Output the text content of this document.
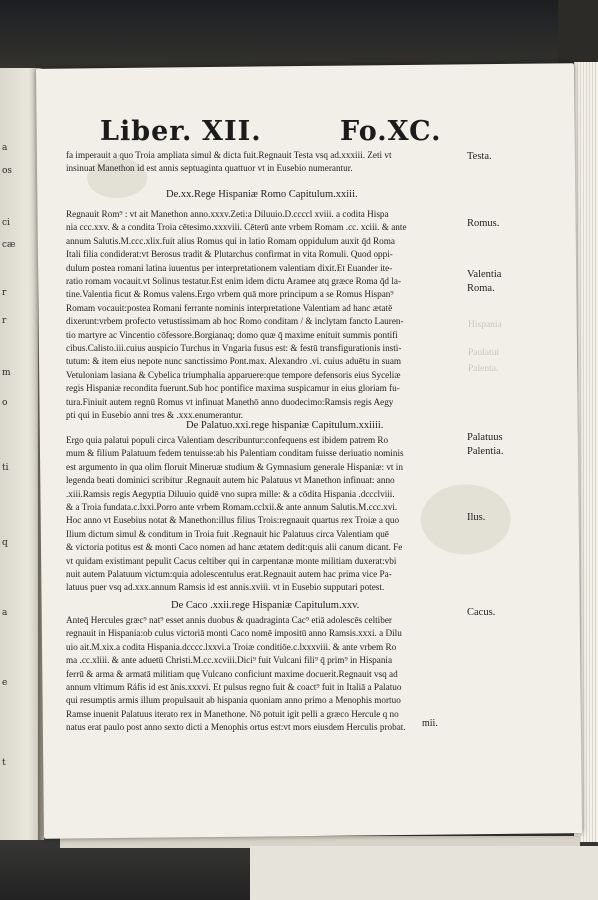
a
os
ci
cæ
r
r
m
o
ti
q
a
e
t
Liber. XII.	Fo.XC.
fa imperauit a quo Troia ampliata simul & dicta fuit.Regnauit Testa vsq ad.xxxiii. Zeti vt
insinuat Manethon id est annis septuaginta quattuor vt in Eusebio numerantur.
De.xx.Rege Hispaniæ Romo Capitulum.xxiii.
Regnauit Rom⁹ : vt ait Manethon anno.xxxv.Zeti:a Diluuio.D.ccccl xviii. a codita Hispa
nia ccc.xxv. & a condita Troia cētesimo.xxxviii. Cēterū ante vrbem Romam .cc. xciii. & ante
annum Salutis.M.ccc.xlix.fuit alius Romus qui in latio Romam oppidulum auxit q̄d Roma
Itali filia condiderat:vt Berosus tradit & Plutarchus confirmat in vita Romuli. Quod oppi-
dulum postea romani latina iuuentus per interpretationem valentiam dixit.Et Euander ite-
ratio romam vocauit.vt Solinus testatur.Est enim idem dictu Aramee atq græce Roma q̄d la-
tine.Valentia ficut & Romus valens.Ergo vrbem quā more principum a se Romus Hispan⁹
Romam vocauit:postea Romani ferrante nominis interpretatione Valentiam ad hanc ætatē
dixerunt:vrbem profecto vetustissimam ab hoc Romo conditam / & inclytam fancto Lauren-
tio martyre ac Vincentio cōfessore.Borgianaq; domo quæ q̄ maxime enituit summis pontifi
cibus.Calisto.iii.cuius auspicio Turchus in Vngaria fusus est: & festū transfigurationis insti-
tutum: & item eius nepote nunc sanctissimo Pont.max. Alexandro .vi. cuius aduētu in suam
Vetuloniam lasiana & Cybelica triumphalia apparuere:que tempore defensoris eius Syceliæ
regis Hispaniæ recondita fuerunt.Sub hoc pontifice maxima suspicamur in eius gloriam fu-
tura.Finiuit autem regnū Romus vt infinuat Manethō anno duodecimo:Ramsis regis Aegy
pti qui in Eusebio anni tres & .xxx.enumerantur.
De Palatuo.xxi.rege hispaniæ Capitulum.xxiiii.
Ergo quia palatui populi circa Valentiam describuntur:confequens est ibidem patrem Ro
mum & filium Palatuum fedem tenuisse:ab his Palentiam conditam fuisse deriuatio nominis
est argumento in qua olim floruit Mineruæ studium & Gymnasium generale Hispaniæ: vt in
legenda beati dominici scribitur .Regnauit autem hic Palatuus vt Manethon infinuat: anno
.xiii.Ramsis regis Aegyptia Diluuio quidē vno supra mille: & a cōdita Hispania .dccclviii.
& a Troia fundata.c.lxxi.Porro ante vrbem Romam.cclxii.& ante annum Salutis.M.ccc.xvi.
Hoc anno vt Eusebius notat & Manethon:illus filius Trois:regnauit quartus rex Troiæ a quo
Ilium dictum simul & conditum in Troia fuit .Regnauit hic Palatuus circa Valentiam quē
& victoria potitus est & monti Caco nomen ad hanc ætatem dedit:quis alii canum dicant. Fe
vt quidam existimant pepulit Cacus celtiber qui in carpentanæ monte militiam duxerat:vbi
nuit autem Palatuum victum:quia adolescentulus erat.Regnauit autem hac prima vice Pa-
latuus puer vsq ad.xxx.annum Ramsis id est annis.xviii. vt in Eusebio supputari potest.
De Caco .xxii.rege Hispaniæ Capitulum.xxv.
Anteq̄ Hercules græc⁹ nat⁹ esset annis duobus & quadraginta Cac⁹ etiā adolescēs celtiber
regnauit in Hispania:ob culus victoriā monti Caco nomē impositū anno Ramsis.xxxi. a Dilu
uio ait.M.xix.a codita Hispania.dcccc.lxxvi.a Troiæ conditiōe.c.lxxxviii. & ante vrbem Ro
ma .cc.xliii. & ante aduetū Christi.M.cc.xcviii.Dici⁹ fuit Vulcani fili⁹ q̄ prim⁹ in Hispania
ferrū & arma & armatā militiam quę Vulcano conficiunt maxime docuerit.Regnauit vsq ad
annum vltimum Ráfis id est ānis.xxxvi. Et pulsus regno fuit & coact⁹ fuit in Italiā a Palatuo
qui resumptis armis illum propulsauit ab hispania quoniam anno primo a Menophis mortuo
Ramse inuenit Palatuus iterato rex in Manethone. Nō potuit igit pelli a græco Hercule q no
natus erat paulo post anno sexto dicti a Menophis ortus est:vt mors eiusdem Herculis probat.	mii.
Testa.
Romus.
Valentia
Roma.
Palatuus
Palentia.
Ilus.
Cacus.
Hispania
Paulatui
Palenta.
